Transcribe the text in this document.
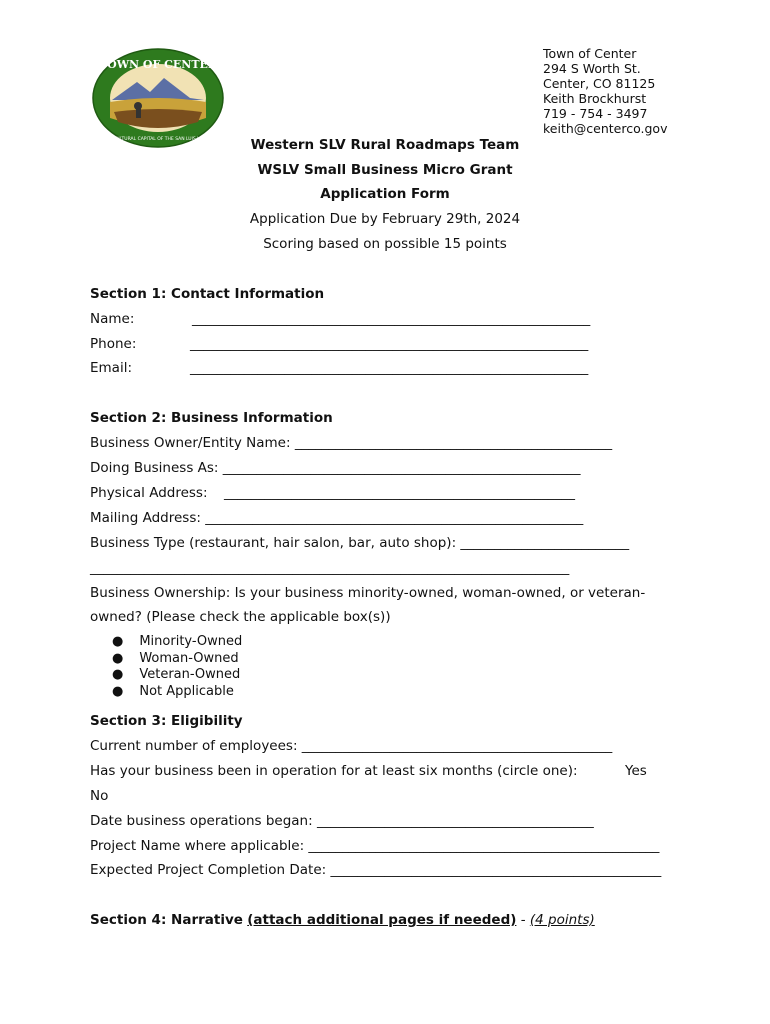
TOWN OF CENTER
AGRICULTURAL CAPITAL OF THE SAN LUIS VALLEY
Town of Center
294 S Worth St.
Center, CO 81125
Keith Brockhurst
719 - 754 - 3497
keith@centerco.gov
Western SLV Rural Roadmaps Team
WSLV Small Business Micro Grant
Application Form
Application Due by February 29th, 2024
Scoring based on possible 15 points
Section 1: Contact Information
Name:	___________________________________________________________
Phone:	___________________________________________________________
Email:	___________________________________________________________
Section 2: Business Information
Business Owner/Entity Name: _______________________________________________
Doing Business As: _____________________________________________________
Physical Address: ____________________________________________________
Mailing Address: ________________________________________________________
Business Type (restaurant, hair salon, bar, auto shop): _________________________
_______________________________________________________________________
Business Ownership: Is your business minority-owned, woman-owned, or veteran-
owned? (Please check the applicable box(s))
● Minority-Owned
● Woman-Owned
● Veteran-Owned
● Not Applicable
Section 3: Eligibility
Current number of employees: ______________________________________________
Has your business been in operation for at least six months (circle one):	Yes
No
Date business operations began: _________________________________________
Project Name where applicable: ____________________________________________________
Expected Project Completion Date: _________________________________________________
Section 4: Narrative (attach additional pages if needed) - (4 points)
